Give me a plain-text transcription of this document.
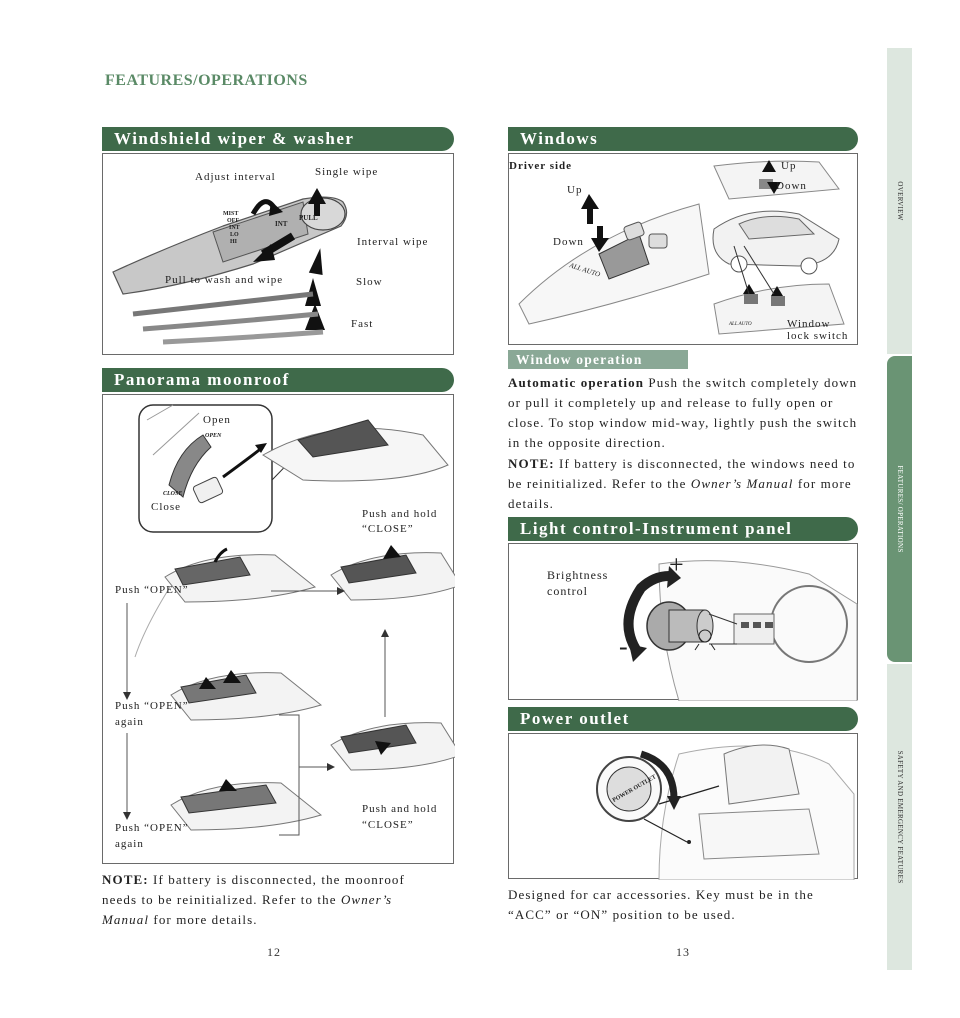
FEATURES/OPERATIONS
OVERVIEW
FEATURES/ OPERATIONS
SAFETY AND EMERGENCY FEATURES
Windshield wiper & washer
Adjust interval	Single wipe
Interval wipe
Pull to wash and wipe	Slow
Fast
MIST
OFF
INT
LO
HI
INT
PULL
Panorama moonroof
Open
Close
OPEN
CLOSE
Push and hold
“CLOSE”
Push “OPEN”
Push “OPEN”
again
Push “OPEN”
again
Push and hold
“CLOSE”
NOTE: If battery is disconnected, the moonroof needs to be reinitialized. Refer to the Owner’s Manual for more details.
Windows
Driver side
Up
Down
Up
Down
Window
lock switch
ALL AUTO
ALL AUTO
Window operation
Automatic operation Push the switch completely down or pull it completely up and release to fully open or close. To stop window mid-way, lightly push the switch in the opposite direction.
NOTE: If battery is disconnected, the windows need to be reinitialized. Refer to the Owner’s Manual for more details.
Light control-Instrument panel
Brightness
control
+
-
Power outlet
POWER OUTLET
Designed for car accessories. Key must be in the “ACC” or “ON” position to be used.
12	13
